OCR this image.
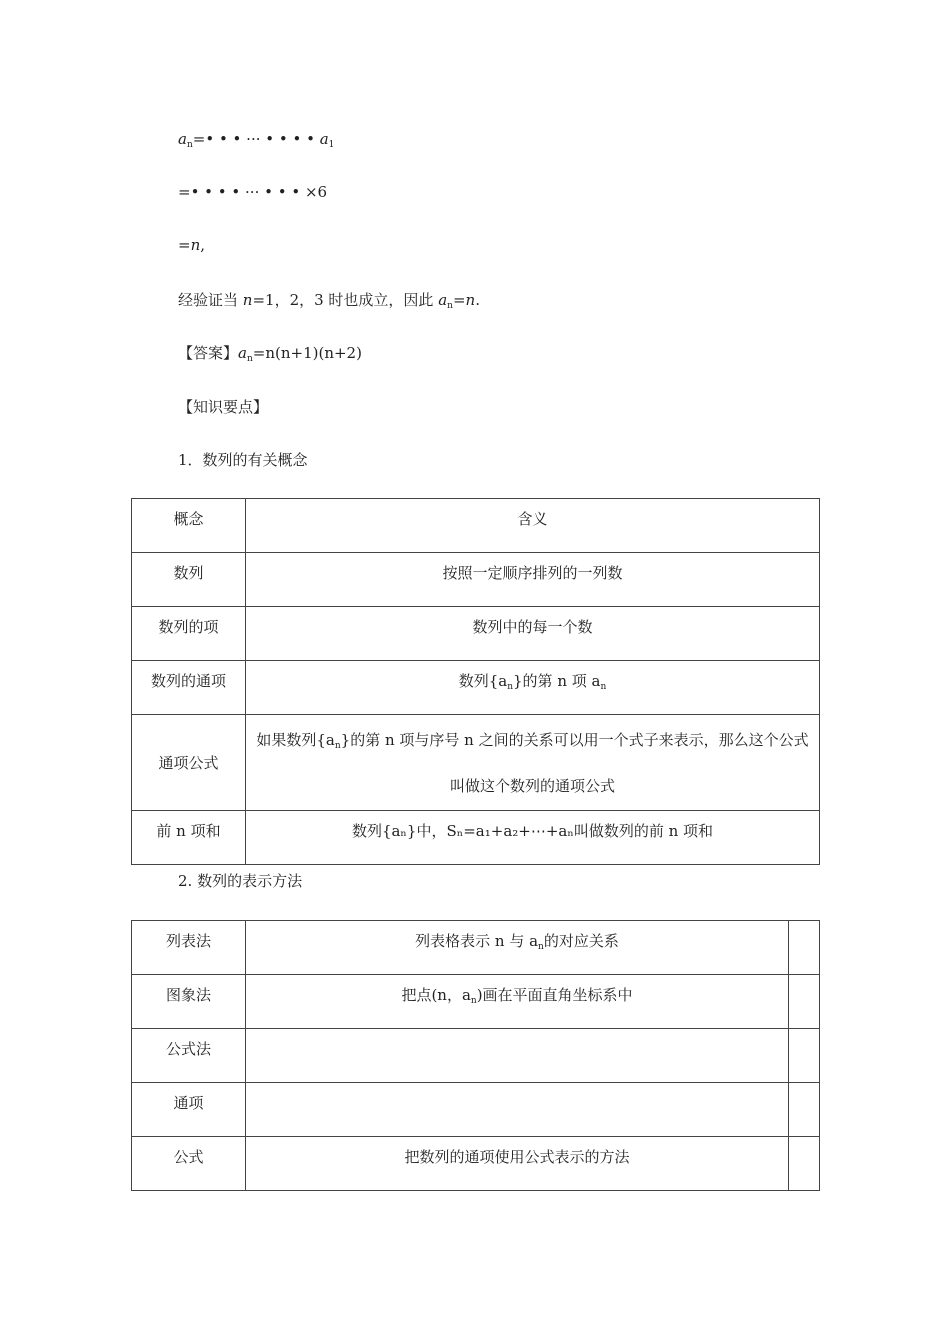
$a_n=•$ • • ··· • • • • $a_1$
=• • • • ··· • • • ×6
=n,
经验证当 n=1，2，3 时也成立，因此 $a_n=n$.
【答案】$a_n=n(n+1)(n+2)$
【知识要点】
1．数列的有关概念
概念	含义
数列	按照一定顺序排列的一列数
数列的项	数列中的每一个数
数列的通项	数列$\{a_n\}$的第 n 项 $a_n$
通项公式	如果数列$\{a_n\}$的第 n 项与序号 n 之间的关系可以用一个式子来表示，那么这个公式叫做这个数列的通项公式
前 n 项和	数列{aₙ}中，Sₙ=a₁+a₂+⋯+aₙ叫做数列的前 n 项和
2. 数列的表示方法
列表法	列表格表示 n 与 $a_n$的对应关系	
图象法	把点(n，$a_n$)画在平面直角坐标系中	
公式法		
通项		
公式	把数列的通项使用公式表示的方法	
